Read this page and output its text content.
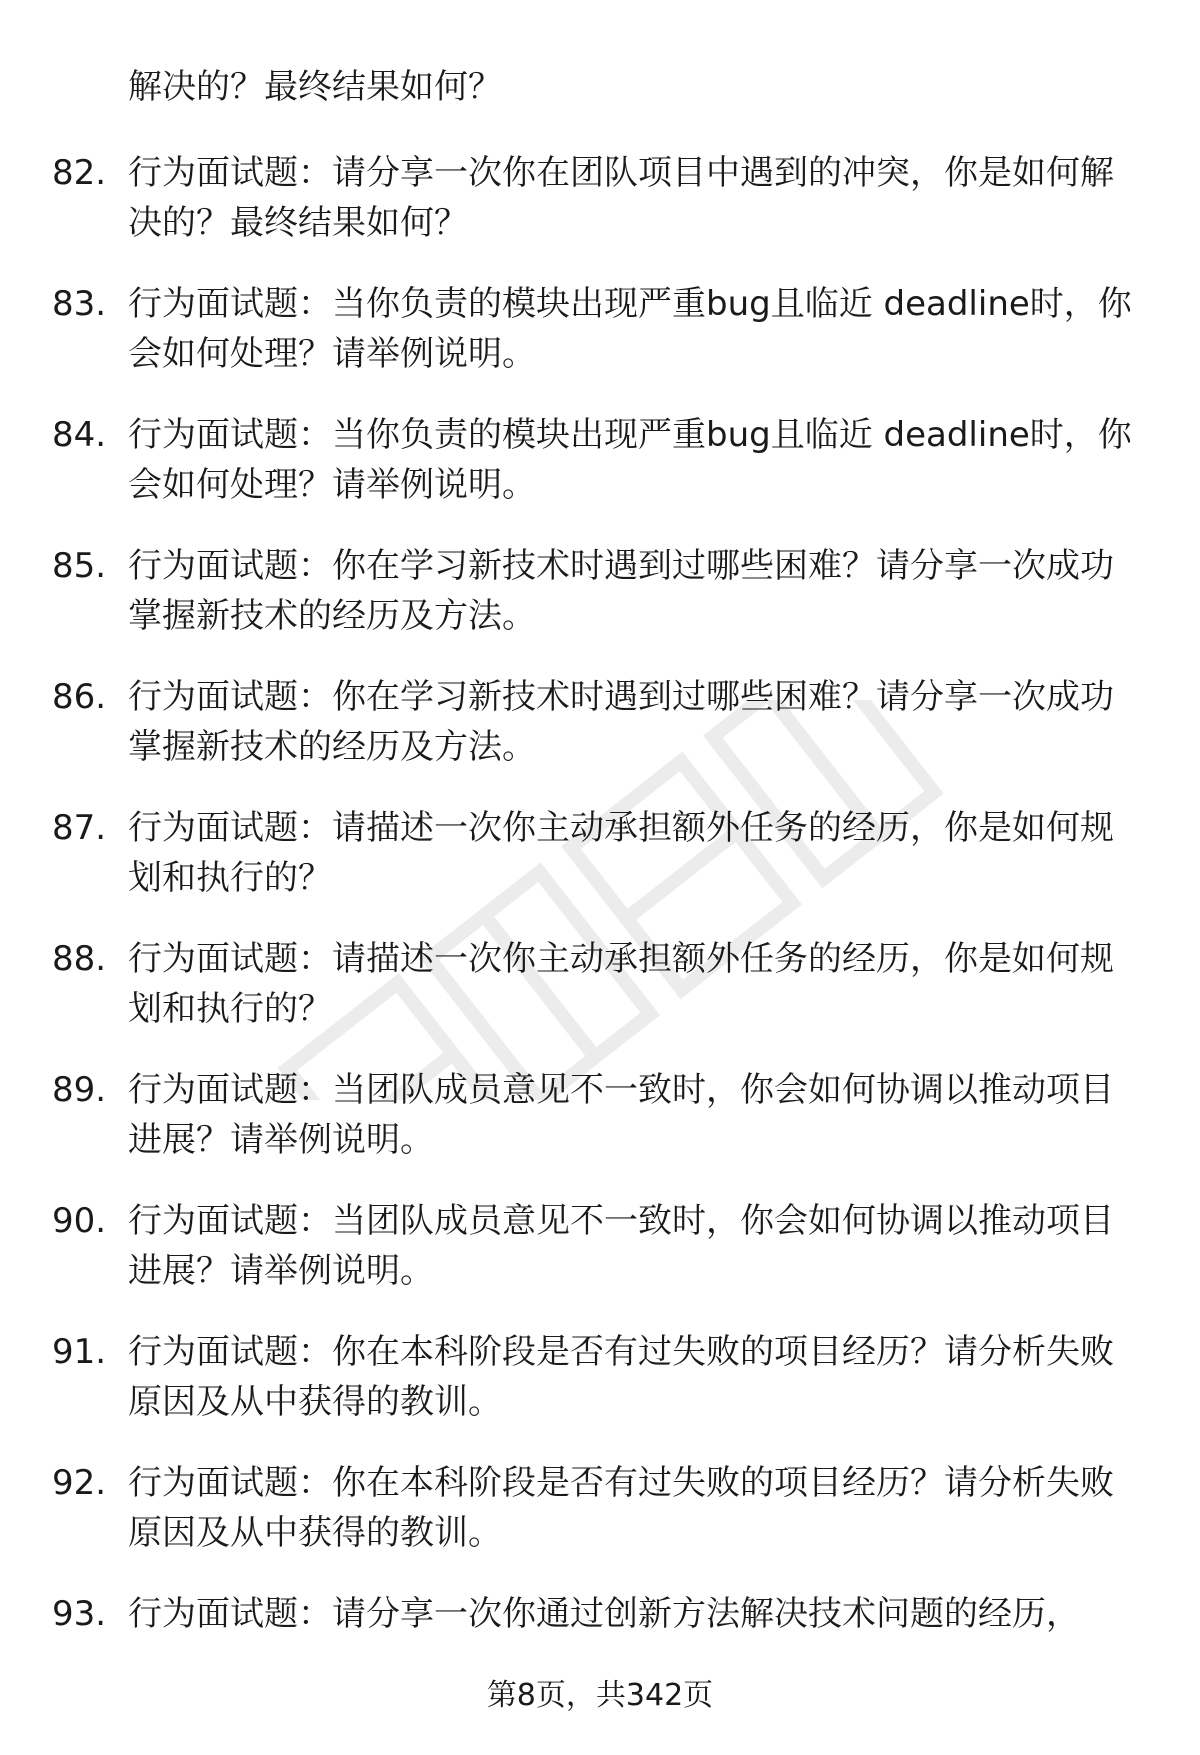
解决的？最终结果如何？
82. 行为面试题：请分享一次你在团队项目中遇到的冲突，你是如何解决的？最终结果如何？
83. 行为面试题：当你负责的模块出现严重bug且临近 deadline时，你会如何处理？请举例说明。
84. 行为面试题：当你负责的模块出现严重bug且临近 deadline时，你会如何处理？请举例说明。
85. 行为面试题：你在学习新技术时遇到过哪些困难？请分享一次成功掌握新技术的经历及方法。
86. 行为面试题：你在学习新技术时遇到过哪些困难？请分享一次成功掌握新技术的经历及方法。
87. 行为面试题：请描述一次你主动承担额外任务的经历，你是如何规划和执行的？
88. 行为面试题：请描述一次你主动承担额外任务的经历，你是如何规划和执行的？
89. 行为面试题：当团队成员意见不一致时，你会如何协调以推动项目进展？请举例说明。
90. 行为面试题：当团队成员意见不一致时，你会如何协调以推动项目进展？请举例说明。
91. 行为面试题：你在本科阶段是否有过失败的项目经历？请分析失败原因及从中获得的教训。
92. 行为面试题：你在本科阶段是否有过失败的项目经历？请分析失败原因及从中获得的教训。
93. 行为面试题：请分享一次你通过创新方法解决技术问题的经历，
第8页，共342页
